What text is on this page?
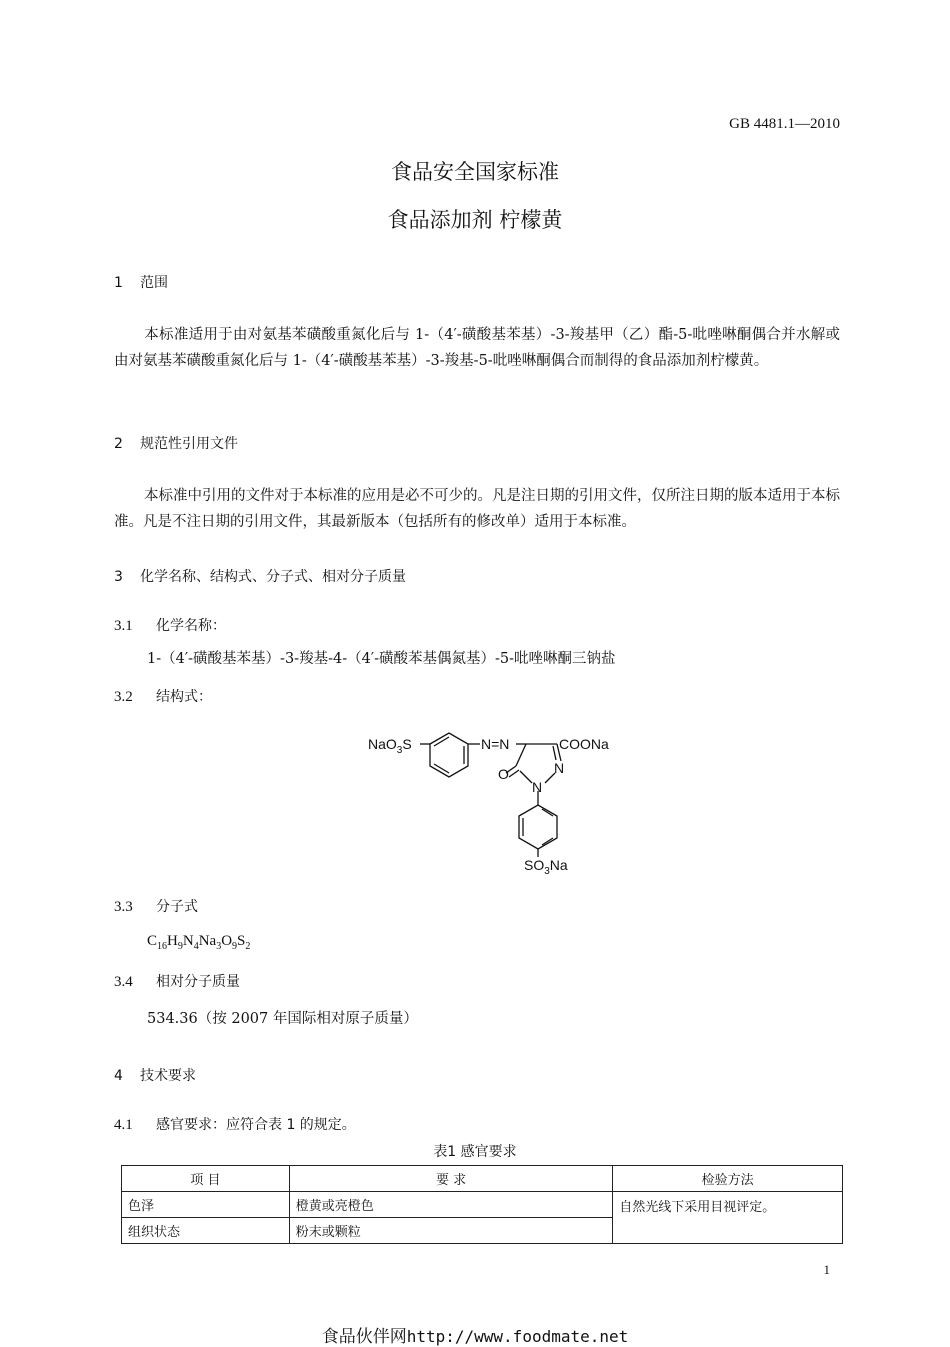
GB 4481.1—2010
食品安全国家标准
食品添加剂 柠檬黄
1 范围
本标准适用于由对氨基苯磺酸重氮化后与 1-（4′-磺酸基苯基）-3-羧基甲（乙）酯-5-吡唑啉酮偶合并水解或由对氨基苯磺酸重氮化后与 1-（4′-磺酸基苯基）-3-羧基-5-吡唑啉酮偶合而制得的食品添加剂柠檬黄。
2 规范性引用文件
本标准中引用的文件对于本标准的应用是必不可少的。凡是注日期的引用文件，仅所注日期的版本适用于本标准。凡是不注日期的引用文件，其最新版本（包括所有的修改单）适用于本标准。
3 化学名称、结构式、分子式、相对分子质量
3.1 化学名称：
1-（4′-磺酸基苯基）-3-羧基-4-（4′-磺酸苯基偶氮基）-5-吡唑啉酮三钠盐
3.2 结构式：
NaO$_3$S	N=N	COONa
O	N
N
$SO_3Na$
3.3 分子式
$C_{16}H_9N_4Na_3O_9S_2$
3.4 相对分子质量
534.36（按 2007 年国际相对原子质量）
4 技术要求
4.1 感官要求：应符合表 1 的规定。
表1 感官要求
项 目	要 求	检验方法
色泽	橙黄或亮橙色	自然光线下采用目视评定。
组织状态	粉末或颗粒	
1
食品伙伴网http://www.foodmate.net
